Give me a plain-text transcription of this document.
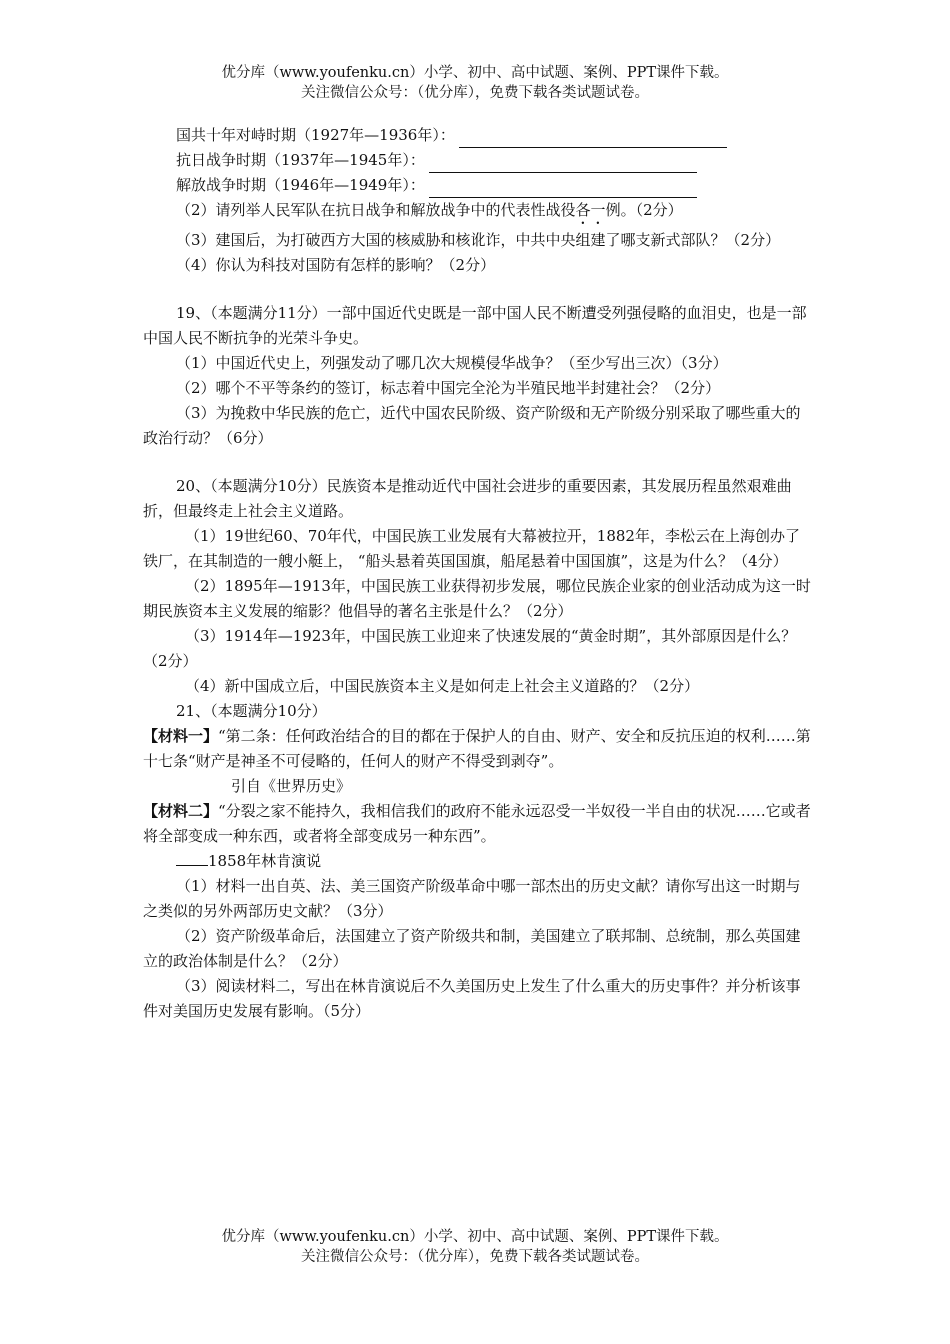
优分库（www.youfenku.cn）小学、初中、高中试题、案例、PPT课件下载。
关注微信公众号：（优分库），免费下载各类试题试卷。
国共十年对峙时期（1927年—1936年）：
抗日战争时期（1937年—1945年）：
解放战争时期（1946年—1949年）：

（2）请列举人民军队在抗日战争和解放战争中的代表性战役各一例。（2分）

（3）建国后，为打破西方大国的核威胁和核讹诈，中共中央组建了哪支新式部队？（2分）

（4）你认为科技对国防有怎样的影响？（2分）

19、（本题满分11分）一部中国近代史既是一部中国人民不断遭受列强侵略的血泪史，也是一部中国人民不断抗争的光荣斗争史。

（1）中国近代史上，列强发动了哪几次大规模侵华战争？（至少写出三次）（3分）

（2）哪个不平等条约的签订，标志着中国完全沦为半殖民地半封建社会？（2分）

（3）为挽救中华民族的危亡，近代中国农民阶级、资产阶级和无产阶级分别采取了哪些重大的政治行动？（6分）

20、（本题满分10分）民族资本是推动近代中国社会进步的重要因素，其发展历程虽然艰难曲折，但最终走上社会主义道路。

（1）19世纪60、70年代，中国民族工业发展有大幕被拉开，1882年，李松云在上海创办了铁厂，在其制造的一艘小艇上， “船头悬着英国国旗，船尾悬着中国国旗”，这是为什么？（4分）

（2）1895年—1913年，中国民族工业获得初步发展，哪位民族企业家的创业活动成为这一时期民族资本主义发展的缩影？他倡导的著名主张是什么？（2分）

（3）1914年—1923年，中国民族工业迎来了快速发展的“黄金时期”，其外部原因是什么？（2分）

（4）新中国成立后，中国民族资本主义是如何走上社会主义道路的？（2分）

21、（本题满分10分）

【材料一】“第二条：任何政治结合的目的都在于保护人的自由、财产、安全和反抗压迫的权利……第十七条“财产是神圣不可侵略的，任何人的财产不得受到剥夺”。

引自《世界历史》

【材料二】“分裂之家不能持久，我相信我们的政府不能永远忍受一半奴役一半自由的状况……它或者将全部变成一种东西，或者将全部变成另一种东西”。

1858年林肯演说

（1）材料一出自英、法、美三国资产阶级革命中哪一部杰出的历史文献？请你写出这一时期与之类似的另外两部历史文献？（3分）

（2）资产阶级革命后，法国建立了资产阶级共和制，美国建立了联邦制、总统制，那么英国建立的政治体制是什么？（2分）

（3）阅读材料二，写出在林肯演说后不久美国历史上发生了什么重大的历史事件？并分析该事件对美国历史发展有影响。（5分）

优分库（www.youfenku.cn）小学、初中、高中试题、案例、PPT课件下载。
关注微信公众号：（优分库），免费下载各类试题试卷。
